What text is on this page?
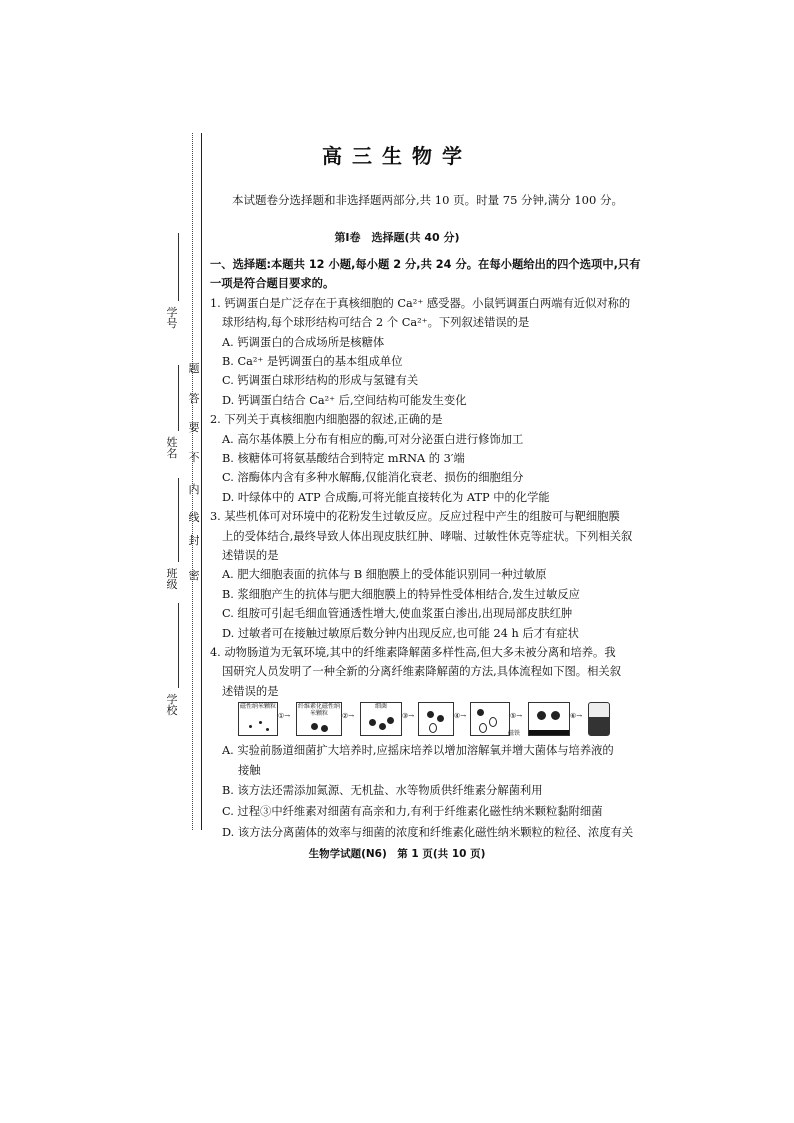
学号
姓名
班级
学校
密
封
线
内
不
要
答
题
高三生物学
本试题卷分选择题和非选择题两部分,共 10 页。时量 75 分钟,满分 100 分。
第Ⅰ卷　选择题(共 40 分)
一、选择题:本题共 12 小题,每小题 2 分,共 24 分。在每小题给出的四个选项中,只有
一项是符合题目要求的。
1. 钙调蛋白是广泛存在于真核细胞的 Ca²⁺ 感受器。小鼠钙调蛋白两端有近似对称的
球形结构,每个球形结构可结合 2 个 Ca²⁺。下列叙述错误的是
A. 钙调蛋白的合成场所是核糖体
B. Ca²⁺ 是钙调蛋白的基本组成单位
C. 钙调蛋白球形结构的形成与氢键有关
D. 钙调蛋白结合 Ca²⁺ 后,空间结构可能发生变化
2. 下列关于真核细胞内细胞器的叙述,正确的是
A. 高尔基体膜上分布有相应的酶,可对分泌蛋白进行修饰加工
B. 核糖体可将氨基酸结合到特定 mRNA 的 3′端
C. 溶酶体内含有多种水解酶,仅能消化衰老、损伤的细胞组分
D. 叶绿体中的 ATP 合成酶,可将光能直接转化为 ATP 中的化学能
3. 某些机体可对环境中的花粉发生过敏反应。反应过程中产生的组胺可与靶细胞膜
上的受体结合,最终导致人体出现皮肤红肿、哮喘、过敏性休克等症状。下列相关叙
述错误的是
A. 肥大细胞表面的抗体与 B 细胞膜上的受体能识别同一种过敏原
B. 浆细胞产生的抗体与肥大细胞膜上的特异性受体相结合,发生过敏反应
C. 组胺可引起毛细血管通透性增大,使血浆蛋白渗出,出现局部皮肤红肿
D. 过敏者可在接触过敏原后数分钟内出现反应,也可能 24 h 后才有症状
4. 动物肠道为无氧环境,其中的纤维素降解菌多样性高,但大多未被分离和培养。我
国研究人员发明了一种全新的分离纤维素降解菌的方法,具体流程如下图。相关叙
述错误的是
磁性纳米颗粒
①→
纤维素化磁性纳米颗粒	②→
细菌
③→	④→	⑤→
磁铁
⑥→
A. 实验前肠道细菌扩大培养时,应摇床培养以增加溶解氧并增大菌体与培养液的
接触
B. 该方法还需添加氮源、无机盐、水等物质供纤维素分解菌利用
C. 过程③中纤维素对细菌有高亲和力,有利于纤维素化磁性纳米颗粒黏附细菌
生物学试题(N6)　第 1 页(共 10 页)
D. 该方法分离菌体的效率与细菌的浓度和纤维素化磁性纳米颗粒的粒径、浓度有关
